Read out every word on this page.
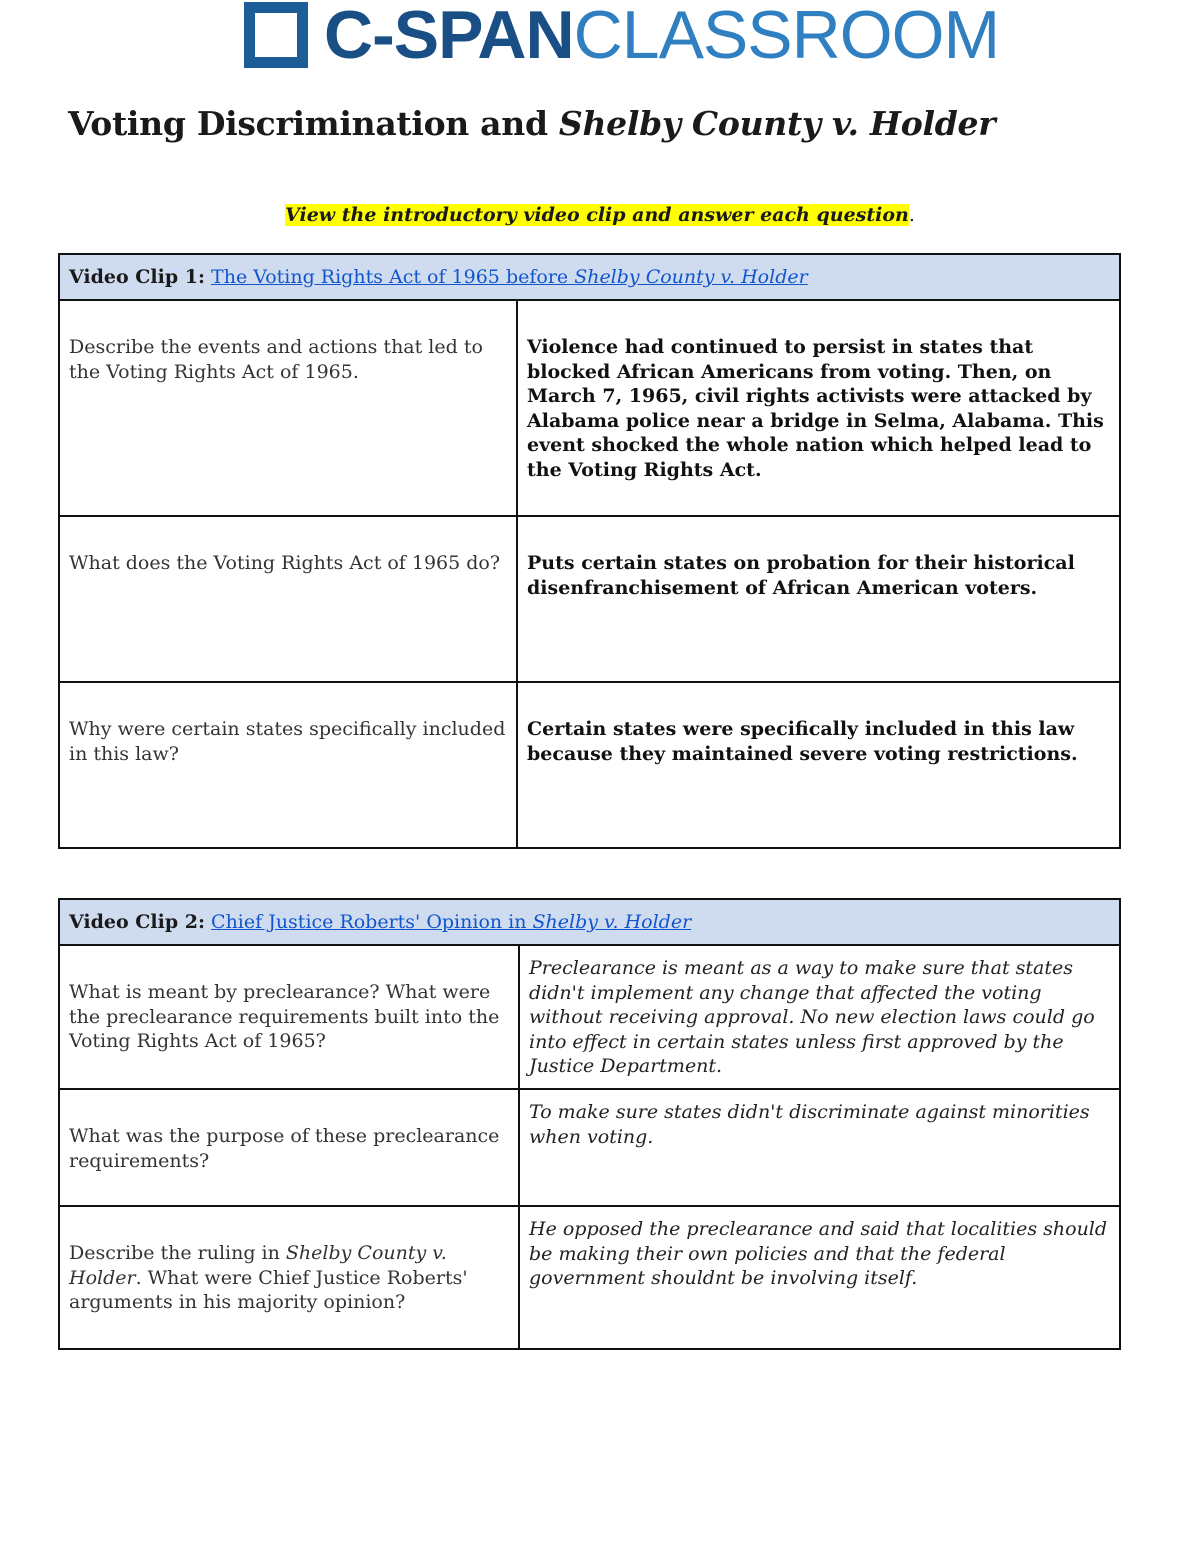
C-SPANCLASSROOM
Voting Discrimination and Shelby County v. Holder
View the introductory video clip and answer each question.
Video Clip 1: The Voting Rights Act of 1965 before Shelby County v. Holder	
Describe the events and actions that led to the Voting Rights Act of 1965.	Violence had continued to persist in states that blocked African Americans from voting. Then, on March 7, 1965, civil rights activists were attacked by Alabama police near a bridge in Selma, Alabama. This event shocked the whole nation which helped lead to the Voting Rights Act.
What does the Voting Rights Act of 1965 do?	Puts certain states on probation for their historical disenfranchisement of African American voters.
Why were certain states specifically included in this law?	Certain states were specifically included in this law because they maintained severe voting restrictions.
Video Clip 2: Chief Justice Roberts' Opinion in Shelby v. Holder	
What is meant by preclearance? What were the preclearance requirements built into the Voting Rights Act of 1965?	Preclearance is meant as a way to make sure that states didn't implement any change that affected the voting without receiving approval. No new election laws could go into effect in certain states unless first approved by the Justice Department.
What was the purpose of these preclearance requirements?	To make sure states didn't discriminate against minorities when voting.
Describe the ruling in Shelby County v. Holder. What were Chief Justice Roberts' arguments in his majority opinion?	He opposed the preclearance and said that localities should be making their own policies and that the federal government shouldnt be involving itself.
